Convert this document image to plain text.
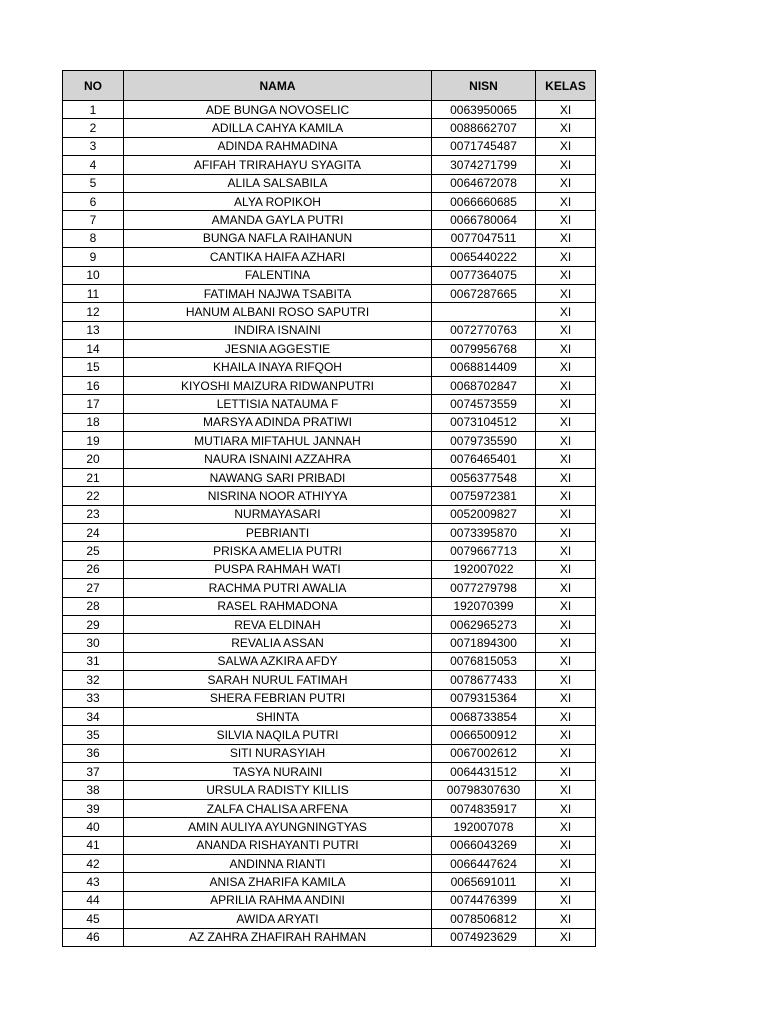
NO	NAMA	NISN	KELAS
1	ADE BUNGA NOVOSELIC	0063950065	XI
2	ADILLA CAHYA KAMILA	0088662707	XI
3	ADINDA RAHMADINA	0071745487	XI
4	AFIFAH TRIRAHAYU SYAGITA	3074271799	XI
5	ALILA SALSABILA	0064672078	XI
6	ALYA ROPIKOH	0066660685	XI
7	AMANDA GAYLA PUTRI	0066780064	XI
8	BUNGA NAFLA RAIHANUN	0077047511	XI
9	CANTIKA HAIFA AZHARI	0065440222	XI
10	FALENTINA	0077364075	XI
11	FATIMAH NAJWA TSABITA	0067287665	XI
12	HANUM ALBANI ROSO SAPUTRI		XI
13	INDIRA ISNAINI	0072770763	XI
14	JESNIA AGGESTIE	0079956768	XI
15	KHAILA INAYA RIFQOH	0068814409	XI
16	KIYOSHI MAIZURA RIDWANPUTRI	0068702847	XI
17	LETTISIA NATAUMA F	0074573559	XI
18	MARSYA ADINDA PRATIWI	0073104512	XI
19	MUTIARA MIFTAHUL JANNAH	0079735590	XI
20	NAURA ISNAINI AZZAHRA	0076465401	XI
21	NAWANG SARI PRIBADI	0056377548	XI
22	NISRINA NOOR ATHIYYA	0075972381	XI
23	NURMAYASARI	0052009827	XI
24	PEBRIANTI	0073395870	XI
25	PRISKA AMELIA PUTRI	0079667713	XI
26	PUSPA RAHMAH WATI	192007022	XI
27	RACHMA PUTRI AWALIA	0077279798	XI
28	RASEL RAHMADONA	192070399	XI
29	REVA ELDINAH	0062965273	XI
30	REVALIA ASSAN	0071894300	XI
31	SALWA AZKIRA AFDY	0076815053	XI
32	SARAH NURUL FATIMAH	0078677433	XI
33	SHERA FEBRIAN PUTRI	0079315364	XI
34	SHINTA	0068733854	XI
35	SILVIA NAQILA PUTRI	0066500912	XI
36	SITI NURASYIAH	0067002612	XI
37	TASYA NURAINI	0064431512	XI
38	URSULA RADISTY KILLIS	00798307630	XI
39	ZALFA CHALISA ARFENA	0074835917	XI
40	AMIN AULIYA AYUNGNINGTYAS	192007078	XI
41	ANANDA RISHAYANTI PUTRI	0066043269	XI
42	ANDINNA RIANTI	0066447624	XI
43	ANISA ZHARIFA KAMILA	0065691011	XI
44	APRILIA RAHMA ANDINI	0074476399	XI
45	AWIDA ARYATI	0078506812	XI
46	AZ ZAHRA ZHAFIRAH RAHMAN	0074923629	XI
